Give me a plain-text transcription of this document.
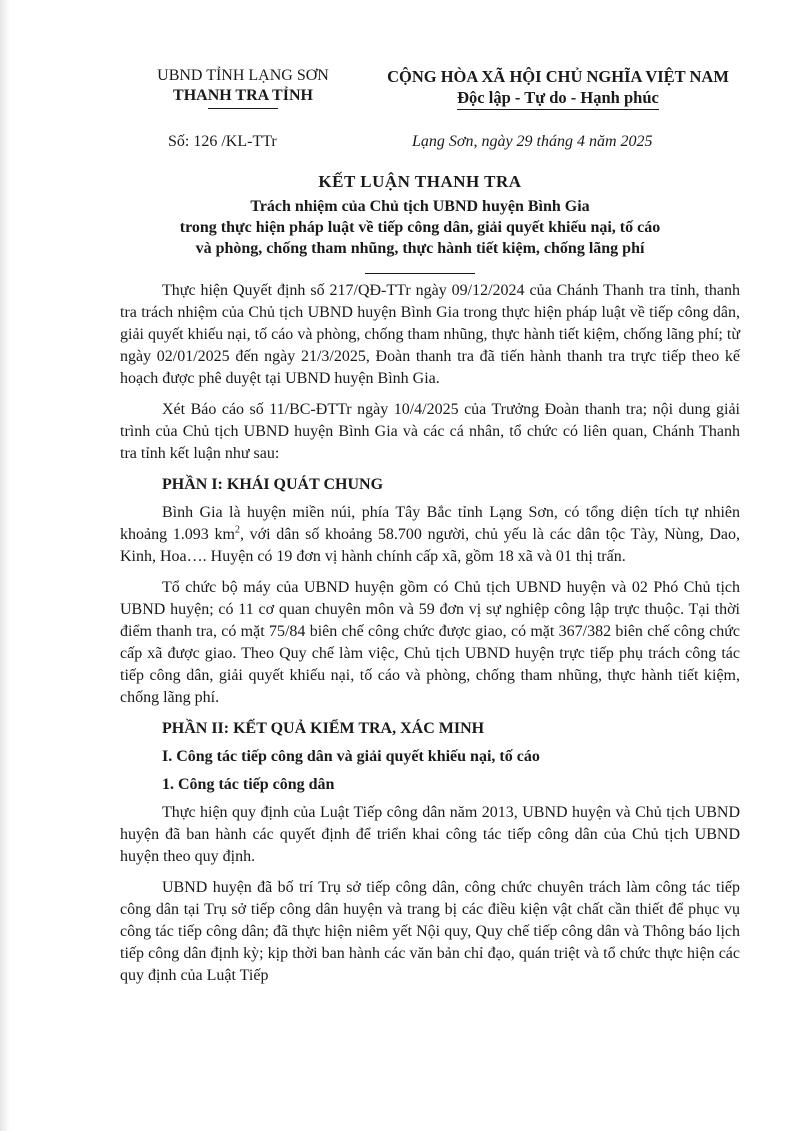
UBND TỈNH LẠNG SƠN
THANH TRA TỈNH
CỘNG HÒA XÃ HỘI CHỦ NGHĨA VIỆT NAM
Độc lập - Tự do - Hạnh phúc
Số: 126 /KL-TTr	Lạng Sơn, ngày 29 tháng 4 năm 2025
KẾT LUẬN THANH TRA
Trách nhiệm của Chủ tịch UBND huyện Bình Gia
trong thực hiện pháp luật về tiếp công dân, giải quyết khiếu nại, tố cáo
và phòng, chống tham nhũng, thực hành tiết kiệm, chống lãng phí

Thực hiện Quyết định số 217/QĐ-TTr ngày 09/12/2024 của Chánh Thanh tra tỉnh, thanh tra trách nhiệm của Chủ tịch UBND huyện Bình Gia trong thực hiện pháp luật về tiếp công dân, giải quyết khiếu nại, tố cáo và phòng, chống tham nhũng, thực hành tiết kiệm, chống lãng phí; từ ngày 02/01/2025 đến ngày 21/3/2025, Đoàn thanh tra đã tiến hành thanh tra trực tiếp theo kế hoạch được phê duyệt tại UBND huyện Bình Gia.

Xét Báo cáo số 11/BC-ĐTTr ngày 10/4/2025 của Trưởng Đoàn thanh tra; nội dung giải trình của Chủ tịch UBND huyện Bình Gia và các cá nhân, tổ chức có liên quan, Chánh Thanh tra tỉnh kết luận như sau:

PHẦN I: KHÁI QUÁT CHUNG

Bình Gia là huyện miền núi, phía Tây Bắc tỉnh Lạng Sơn, có tổng diện tích tự nhiên khoảng 1.093 $km^2$, với dân số khoảng 58.700 người, chủ yếu là các dân tộc Tày, Nùng, Dao, Kinh, Hoa…. Huyện có 19 đơn vị hành chính cấp xã, gồm 18 xã và 01 thị trấn.

Tổ chức bộ máy của UBND huyện gồm có Chủ tịch UBND huyện và 02 Phó Chủ tịch UBND huyện; có 11 cơ quan chuyên môn và 59 đơn vị sự nghiệp công lập trực thuộc. Tại thời điểm thanh tra, có mặt 75/84 biên chế công chức được giao, có mặt 367/382 biên chế công chức cấp xã được giao. Theo Quy chế làm việc, Chủ tịch UBND huyện trực tiếp phụ trách công tác tiếp công dân, giải quyết khiếu nại, tố cáo và phòng, chống tham nhũng, thực hành tiết kiệm, chống lãng phí.

PHẦN II: KẾT QUẢ KIỂM TRA, XÁC MINH
I. Công tác tiếp công dân và giải quyết khiếu nại, tố cáo
1. Công tác tiếp công dân

Thực hiện quy định của Luật Tiếp công dân năm 2013, UBND huyện và Chủ tịch UBND huyện đã ban hành các quyết định để triển khai công tác tiếp công dân của Chủ tịch UBND huyện theo quy định.

UBND huyện đã bố trí Trụ sở tiếp công dân, công chức chuyên trách làm công tác tiếp công dân tại Trụ sở tiếp công dân huyện và trang bị các điều kiện vật chất cần thiết để phục vụ công tác tiếp công dân; đã thực hiện niêm yết Nội quy, Quy chế tiếp công dân và Thông báo lịch tiếp công dân định kỳ; kịp thời ban hành các văn bản chỉ đạo, quán triệt và tổ chức thực hiện các quy định của Luật Tiếp
